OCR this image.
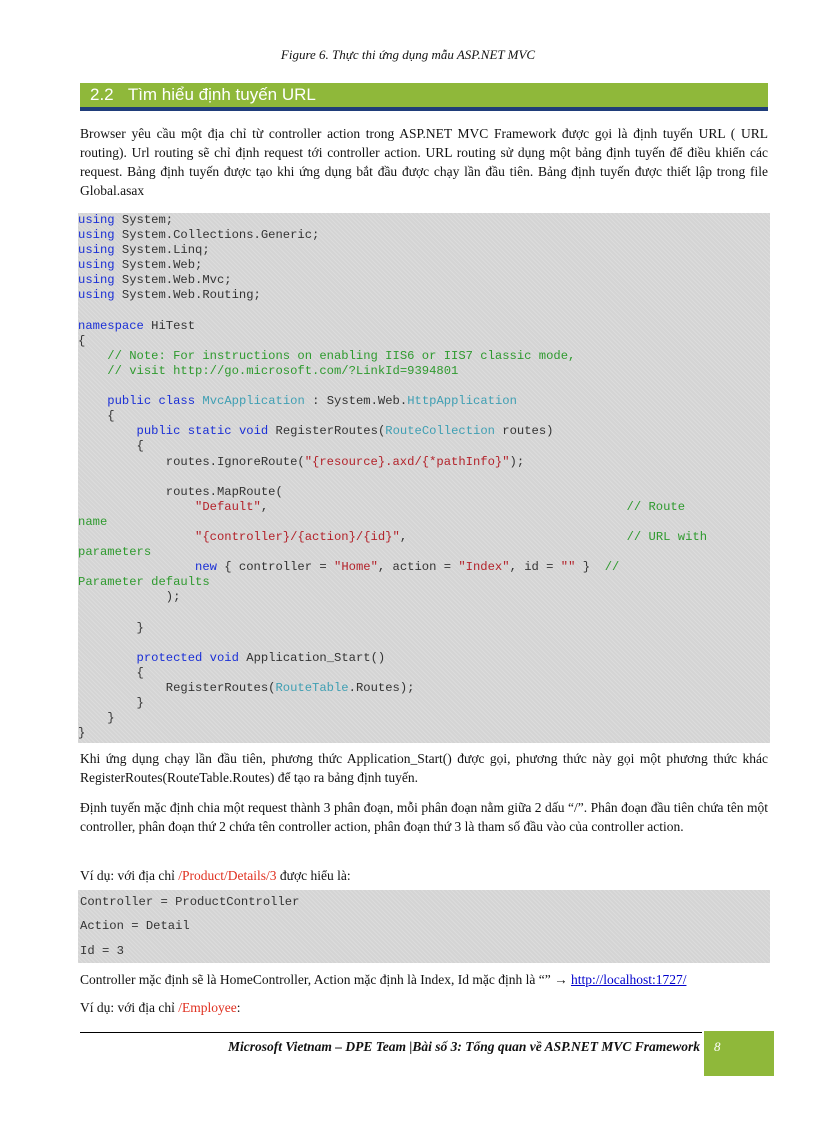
Figure 6. Thực thi ứng dụng mẫu ASP.NET MVC
2.2 Tìm hiểu định tuyến URL

Browser yêu cầu một địa chỉ từ controller action trong ASP.NET MVC Framework được gọi là định tuyến URL ( URL routing). Url routing sẽ chỉ định request tới controller action. URL routing sử dụng một bảng định tuyến để điều khiển các request. Bảng định tuyến được tạo khi ứng dụng bắt đầu được chạy lần đầu tiên. Bảng định tuyến được thiết lập trong file Global.asax

using System;
using System.Collections.Generic;
using System.Linq;
using System.Web;
using System.Web.Mvc;
using System.Web.Routing;

namespace HiTest
{
// Note: For instructions on enabling IIS6 or IIS7 classic mode,
// visit http://go.microsoft.com/?LinkId=9394801

public class MvcApplication : System.Web.HttpApplication
{
public static void RegisterRoutes(RouteCollection routes)
{
routes.IgnoreRoute("{resource}.axd/{*pathInfo}");

routes.MapRoute(
"Default",                                                 // Route
name
"{controller}/{action}/{id}",                              // URL with
parameters
new { controller = "Home", action = "Index", id = "" } //
Parameter defaults
);

}

protected void Application_Start()
{
RegisterRoutes(RouteTable.Routes);
}
}
}

Khi ứng dụng chạy lần đầu tiên, phương thức Application_Start() được gọi, phương thức này gọi một phương thức khác RegisterRoutes(RouteTable.Routes) để tạo ra bảng định tuyến.

Định tuyến mặc định chia một request thành 3 phân đoạn, mỗi phân đoạn nằm giữa 2 dấu “/”. Phân đoạn đầu tiên chứa tên một controller, phân đoạn thứ 2 chứa tên controller action, phân đoạn thứ 3 là tham số đầu vào của controller action.

Ví dụ: với địa chỉ /Product/Details/3 được hiểu là:

Controller = ProductController
Action = Detail
Id = 3

Controller mặc định sẽ là HomeController, Action mặc định là Index, Id mặc định là “” → http://localhost:1727/

Ví dụ: với địa chỉ /Employee:

Microsoft Vietnam – DPE Team |Bài số 3: Tổng quan về ASP.NET MVC Framework 8
